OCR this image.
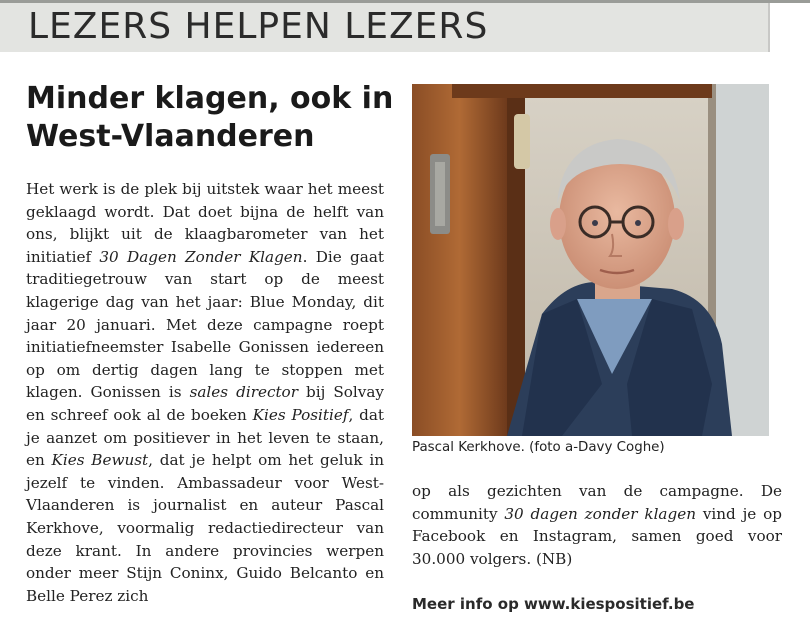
LEZERS HELPEN LEZERS
Minder klagen, ook in West-Vlaanderen

Het werk is de plek bij uitstek waar het meest geklaagd wordt. Dat doet bijna de helft van ons, blijkt uit de klaagbarometer van het initiatief 30 Dagen Zonder Klagen. Die gaat traditiegetrouw van start op de meest klagerige dag van het jaar: Blue Monday, dit jaar 20 januari. Met deze campagne roept initiatiefneemster Isabelle Gonissen iedereen op om dertig dagen lang te stoppen met klagen. Gonissen is sales director bij Solvay en schreef ook al de boeken Kies Positief, dat je aanzet om positiever in het leven te staan, en Kies Bewust, dat je helpt om het geluk in jezelf te vinden. Ambassadeur voor West-Vlaanderen is journalist en auteur Pascal Kerkhove, voormalig redactiedirecteur van deze krant. In andere provincies werpen onder meer Stijn Coninx, Guido Belcanto en Belle Perez zich

Pascal Kerkhove. (foto a-Davy Coghe)

op als gezichten van de campagne. De community 30 dagen zonder klagen vind je op Facebook en Instagram, samen goed voor 30.000 volgers. (NB)

Meer info op www.kiespositief.be
